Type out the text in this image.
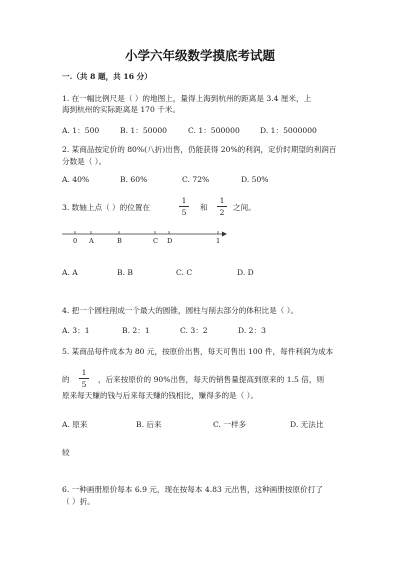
小学六年级数学摸底考试题
一.（共 8 题，共 16 分）
1. 在一幅比例尺是（ ）的地图上，量得上海到杭州的距离是 3.4 厘米，上
海到杭州的实际距离是 170 千米。
A. 1：500	B. 1：50000	C. 1：500000	D. 1：5000000
2. 某商品按定价的 80%(八折)出售，仍能获得 20%的利润，定价时期望的利润百
分数是（ ）。
A. 40%	B. 60%	C. 72%	D. 50%
3. 数轴上点（ ）的位置在
1
5
和
1
2
之间。
0 A	B	C D	1
A. A	B. B	C. C	D. D
4. 把一个圆柱削成一个最大的圆锥，圆柱与削去部分的体积比是（ ）。
A. 3：1	B. 2：1	C. 3：2	D. 2：3
5. 某商品每件成本为 80 元，按原价出售，每天可售出 100 件，每件利润为成本
的
1
5
，后来按原价的 90%出售，每天的销售量提高到原来的 1.5 倍，则
原来每天赚的钱与后来每天赚的钱相比，赚得多的是（ ）。
A. 原来	B. 后来	C. 一样多	D. 无法比
较
6. 一种画册原价每本 6.9 元，现在按每本 4.83 元出售，这种画册按原价打了
（ ）折。
